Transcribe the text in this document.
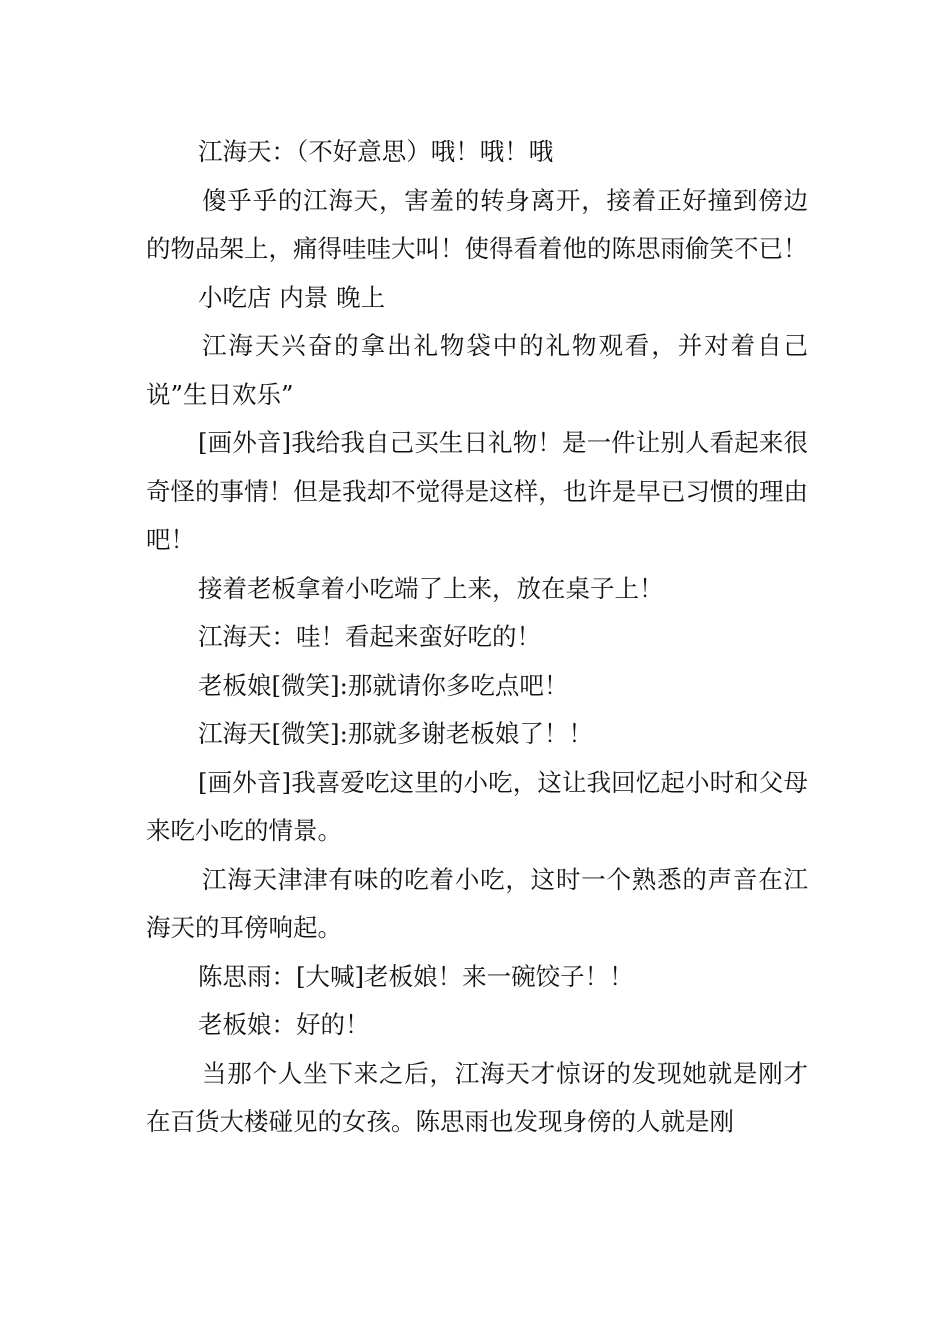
江海天：（不好意思）哦！哦！哦

傻乎乎的江海天，害羞的转身离开，接着正好撞到傍边的物品架上，痛得哇哇大叫！使得看着他的陈思雨偷笑不已！

小吃店 内景 晚上

江海天兴奋的拿出礼物袋中的礼物观看，并对着自己说”生日欢乐”

[画外音]我给我自己买生日礼物！是一件让别人看起来很奇怪的事情！但是我却不觉得是这样，也许是早已习惯的理由吧！

接着老板拿着小吃端了上来，放在桌子上！

江海天：哇！看起来蛮好吃的！

老板娘[微笑]:那就请你多吃点吧！

江海天[微笑]:那就多谢老板娘了！！

[画外音]我喜爱吃这里的小吃，这让我回忆起小时和父母来吃小吃的情景。

江海天津津有味的吃着小吃，这时一个熟悉的声音在江海天的耳傍响起。

陈思雨：[大喊]老板娘！来一碗饺子！！

老板娘：好的！

当那个人坐下来之后，江海天才惊讶的发现她就是刚才在百货大楼碰见的女孩。陈思雨也发现身傍的人就是刚
